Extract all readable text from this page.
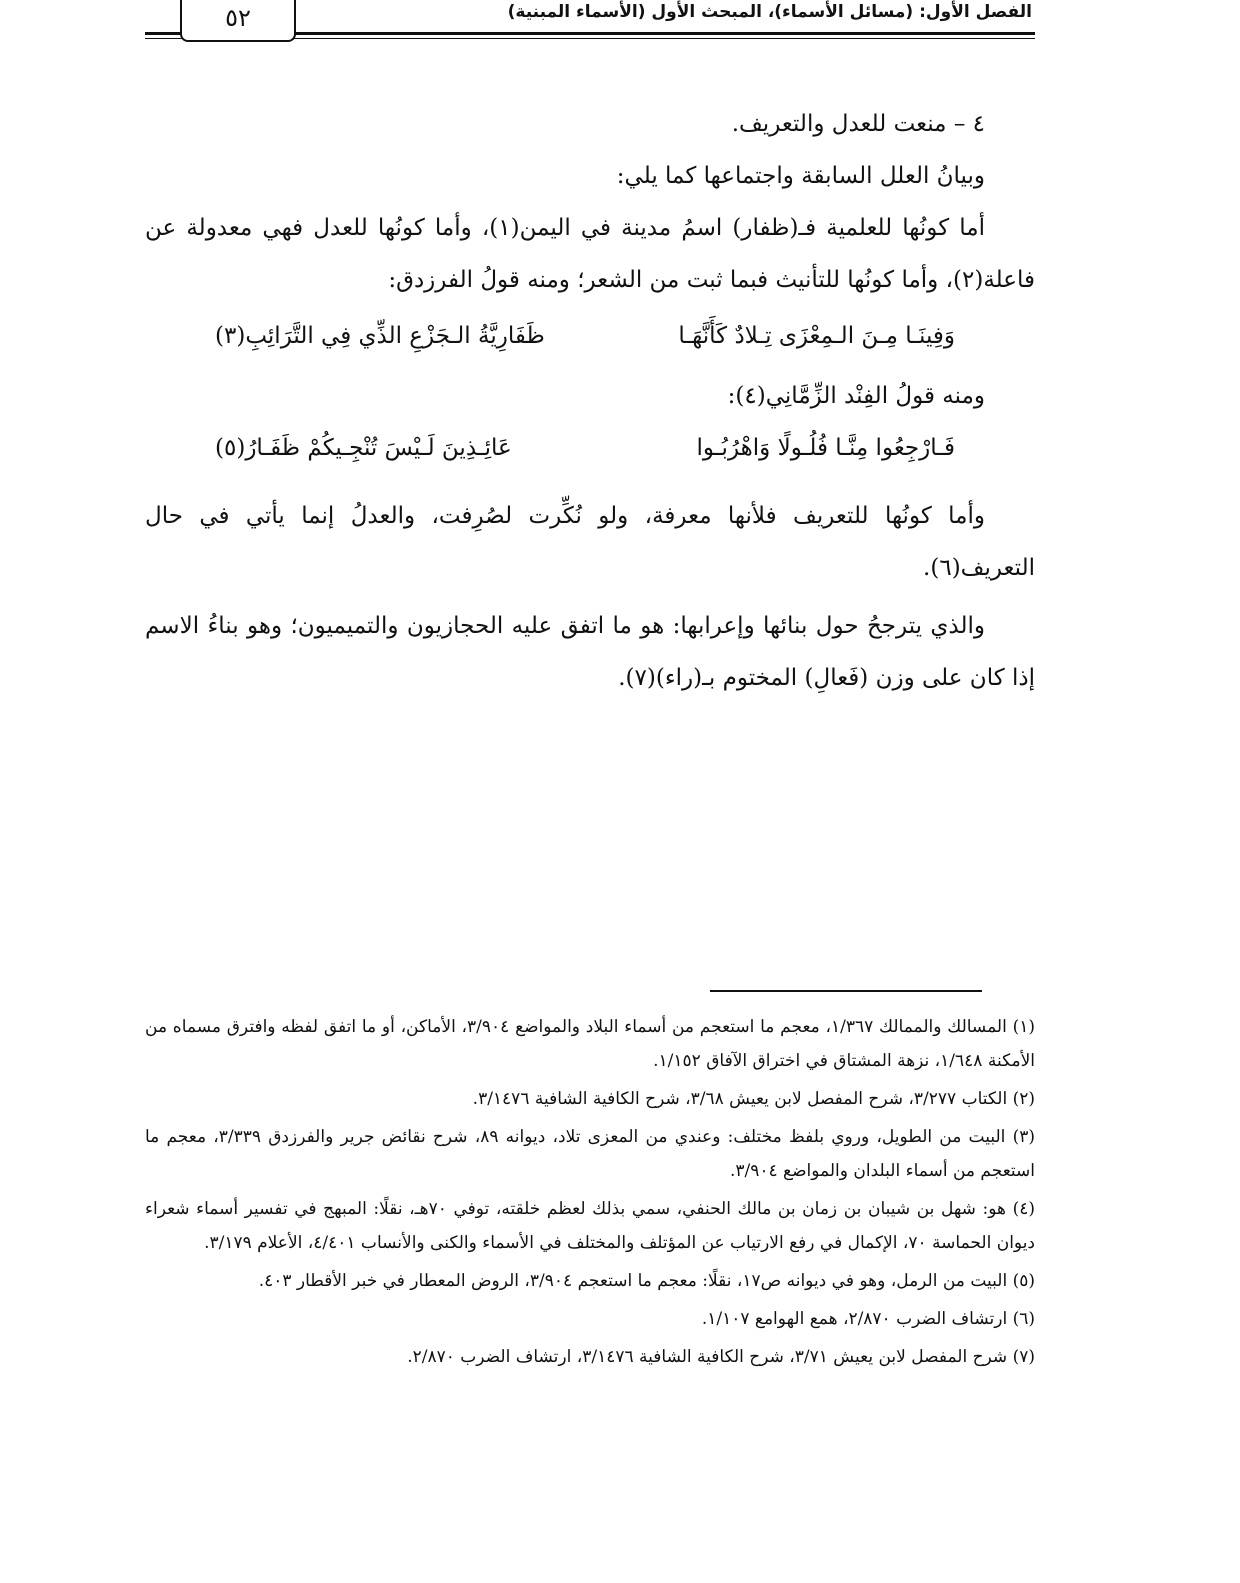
الفصل الأول: (مسائل الأسماء)، المبحث الأول (الأسماء المبنية)
٥٢

٤ – منعت للعدل والتعريف.

وبيانُ العلل السابقة واجتماعها كما يلي:

أما كونُها للعلمية فـ(ظفار) اسمُ مدينة في اليمن(١)، وأما كونُها للعدل فهي معدولة عن فاعلة(٢)، وأما كونُها للتأنيث فبما ثبت من الشعر؛ ومنه قولُ الفرزدق:

وَفِينَـا مِـنَ الـمِعْزَى تِـلادٌ كَأَنَّهَـا
ظَفَارِيَّةُ الـجَزْعِ الذِّي فِي التَّرَائِبِ(٣)

ومنه قولُ الفِنْد الزِّمَّانِي(٤):

فَـارْجِعُوا مِنَّـا فُلُـولًا وَاهْرُبُـوا
عَائِـذِينَ لَـيْسَ تُنْجِـيكُمْ ظَفَـارُ(٥)

وأما كونُها للتعريف فلأنها معرفة، ولو نُكِّرت لصُرِفت، والعدلُ إنما يأتي في حال التعريف(٦).

والذي يترجحُ حول بنائها وإعرابها: هو ما اتفق عليه الحجازيون والتميميون؛ وهو بناءُ الاسم إذا كان على وزن (فَعالِ) المختوم بـ(راء)(٧).

(١) المسالك والممالك ١/٣٦٧، معجم ما استعجم من أسماء البلاد والمواضع ٣/٩٠٤، الأماكن، أو ما اتفق لفظه وافترق مسماه من الأمكنة ١/٦٤٨، نزهة المشتاق في اختراق الآفاق ١/١٥٢.

(٢) الكتاب ٣/٢٧٧، شرح المفصل لابن يعيش ٣/٦٨، شرح الكافية الشافية ٣/١٤٧٦.

(٣) البيت من الطويل، وروي بلفظ مختلف: وعندي من المعزى تلاد، ديوانه ٨٩، شرح نقائض جرير والفرزدق ٣/٣٣٩، معجم ما استعجم من أسماء البلدان والمواضع ٣/٩٠٤.

(٤) هو: شهل بن شيبان بن زمان بن مالك الحنفي، سمي بذلك لعظم خلقته، توفي ٧٠هـ، نقلًا: المبهج في تفسير أسماء شعراء ديوان الحماسة ٧٠، الإكمال في رفع الارتياب عن المؤتلف والمختلف في الأسماء والكنى والأنساب ٤/٤٠١، الأعلام ٣/١٧٩.

(٥) البيت من الرمل، وهو في ديوانه ص١٧، نقلًا: معجم ما استعجم ٣/٩٠٤، الروض المعطار في خبر الأقطار ٤٠٣.

(٦) ارتشاف الضرب ٢/٨٧٠، همع الهوامع ١/١٠٧.

(٧) شرح المفصل لابن يعيش ٣/٧١، شرح الكافية الشافية ٣/١٤٧٦، ارتشاف الضرب ٢/٨٧٠.
